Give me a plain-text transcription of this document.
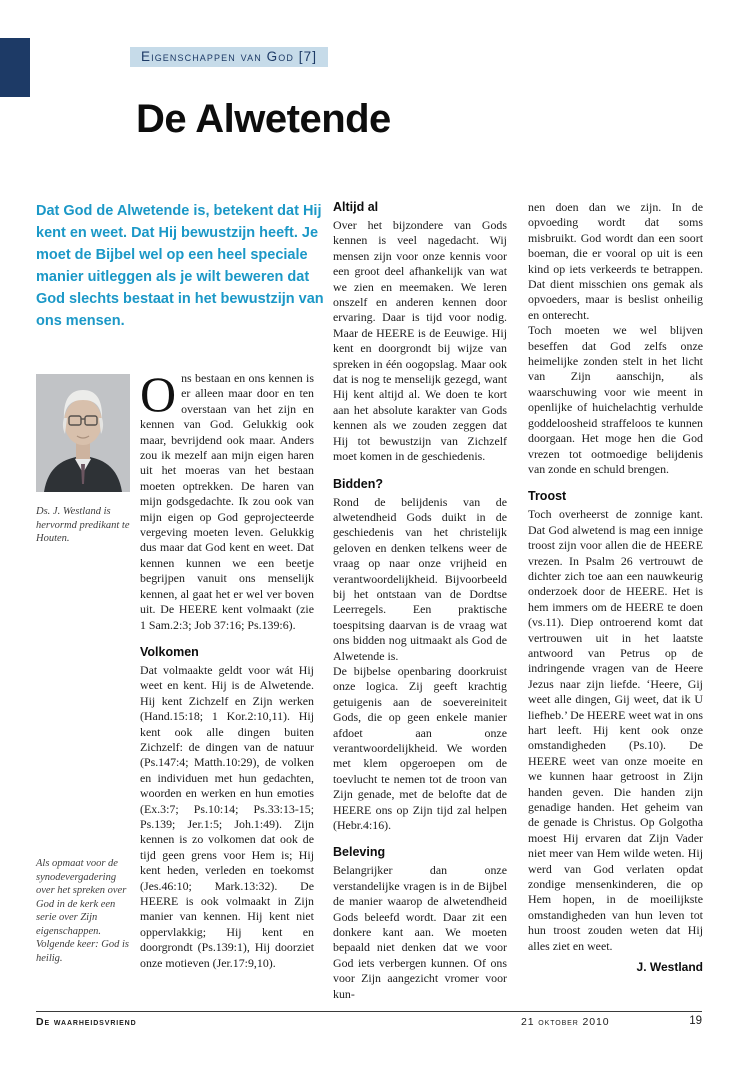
Eigenschappen van God [7]
De Alwetende

Dat God de Alwetende is, betekent dat Hij kent en weet. Dat Hij bewustzijn heeft. Je moet de Bijbel wel op een heel speciale manier uitleggen als je wilt beweren dat God slechts bestaat in het bewustzijn van ons mensen.

Ds. J. Westland is hervormd predikant te Houten.

Als opmaat voor de synodevergadering over het spreken over God in de kerk een serie over Zijn eigenschappen. Volgende keer: God is heilig.

Ons bestaan en ons kennen is er alleen maar door en ten overstaan van het zijn en kennen van God. Gelukkig ook maar, bevrijdend ook maar. Anders zou ik mezelf aan mijn eigen haren uit het moeras van het bestaan moeten optrekken. De haren van mijn godsgedachte. Ik zou ook van mijn eigen op God geprojecteerde vergeving moeten leven. Gelukkig dus maar dat God kent en weet. Dat kennen kunnen we een beetje begrijpen vanuit ons menselijk kennen, al gaat het er wel ver boven uit. De HEERE kent volmaakt (zie 1 Sam.2:3; Job 37:16; Ps.139:6).

Volkomen

Dat volmaakte geldt voor wát Hij weet en kent. Hij is de Alwetende. Hij kent Zichzelf en Zijn werken (Hand.15:18; 1 Kor.2:10,11). Hij kent ook alle dingen buiten Zichzelf: de dingen van de natuur (Ps.147:4; Matth.10:29), de volken en individuen met hun gedachten, woorden en werken en hun emoties (Ex.3:7; Ps.10:14; Ps.33:13-15; Ps.139; Jer.1:5; Joh.1:49). Zijn kennen is zo volkomen dat ook de tijd geen grens voor Hem is; Hij kent heden, verleden en toekomst (Jes.46:10; Mark.13:32). De HEERE is ook volmaakt in Zijn manier van kennen. Hij kent niet oppervlakkig; Hij kent en doorgrondt (Ps.139:1), Hij doorziet onze motieven (Jer.17:9,10).

Altijd al

Over het bijzondere van Gods kennen is veel nagedacht. Wij mensen zijn voor onze kennis voor een groot deel afhankelijk van wat we zien en meemaken. We leren onszelf en anderen kennen door ervaring. Daar is tijd voor nodig. Maar de HEERE is de Eeuwige. Hij kent en doorgrondt bij wijze van spreken in één oogopslag. Maar ook dat is nog te menselijk gezegd, want Hij kent altijd al. We doen te kort aan het absolute karakter van Gods kennen als we zouden zeggen dat Hij tot bewustzijn van Zichzelf moet komen in de geschiedenis.

Bidden?

Rond de belijdenis van de alwetendheid Gods duikt in de geschiedenis van het christelijk geloven en denken telkens weer de vraag op naar onze vrijheid en verantwoordelijkheid. Bijvoorbeeld bij het ontstaan van de Dordtse Leerregels. Een praktische toespitsing daarvan is de vraag wat ons bidden nog uitmaakt als God de Alwetende is.

De bijbelse openbaring doorkruist onze logica. Zij geeft krachtig getuigenis aan de soevereiniteit Gods, die op geen enkele manier afdoet aan onze verantwoordelijkheid. We worden met klem opgeroepen om de toevlucht te nemen tot de troon van Zijn genade, met de belofte dat de HEERE ons op Zijn tijd zal helpen (Hebr.4:16).

Beleving

Belangrijker dan onze verstandelijke vragen is in de Bijbel de manier waarop de alwetendheid Gods beleefd wordt. Daar zit een donkere kant aan. We moeten bepaald niet denken dat we voor God iets verbergen kunnen. Of ons voor Zijn aangezicht vromer voor kun-

nen doen dan we zijn. In de opvoeding wordt dat soms misbruikt. God wordt dan een soort boeman, die er vooral op uit is een kind op iets verkeerds te betrappen. Dat dient misschien ons gemak als opvoeders, maar is beslist onheilig en onterecht.

Toch moeten we wel blijven beseffen dat God zelfs onze heimelijke zonden stelt in het licht van Zijn aanschijn, als waarschuwing voor wie meent in openlijke of huichelachtig verhulde goddeloosheid straffeloos te kunnen doorgaan. Het moge hen die God vrezen tot ootmoedige belijdenis van zonde en schuld brengen.

Troost

Toch overheerst de zonnige kant. Dat God alwetend is mag een innige troost zijn voor allen die de HEERE vrezen. In Psalm 26 vertrouwt de dichter zich toe aan een nauwkeurig onderzoek door de HEERE. Het is hem immers om de HEERE te doen (vs.11). Diep ontroerend komt dat vertrouwen uit in het laatste antwoord van Petrus op de indringende vragen van de Heere Jezus naar zijn liefde. ‘Heere, Gij weet alle dingen, Gij weet, dat ik U liefheb.’ De HEERE weet wat in ons hart leeft. Hij kent ook onze omstandigheden (Ps.10). De HEERE weet van onze moeite en we kunnen haar getroost in Zijn handen geven. Die handen zijn genadige handen. Het geheim van de genade is Christus. Op Golgotha moest Hij ervaren dat Zijn Vader niet meer van Hem wilde weten. Hij werd van God verlaten opdat zondige mensenkinderen, die op Hem hopen, in de moeilijkste omstandigheden van hun leven tot hun troost zouden weten dat Hij alles ziet en weet.

J. Westland

De waarheidsvriend	21 oktober 2010	19
